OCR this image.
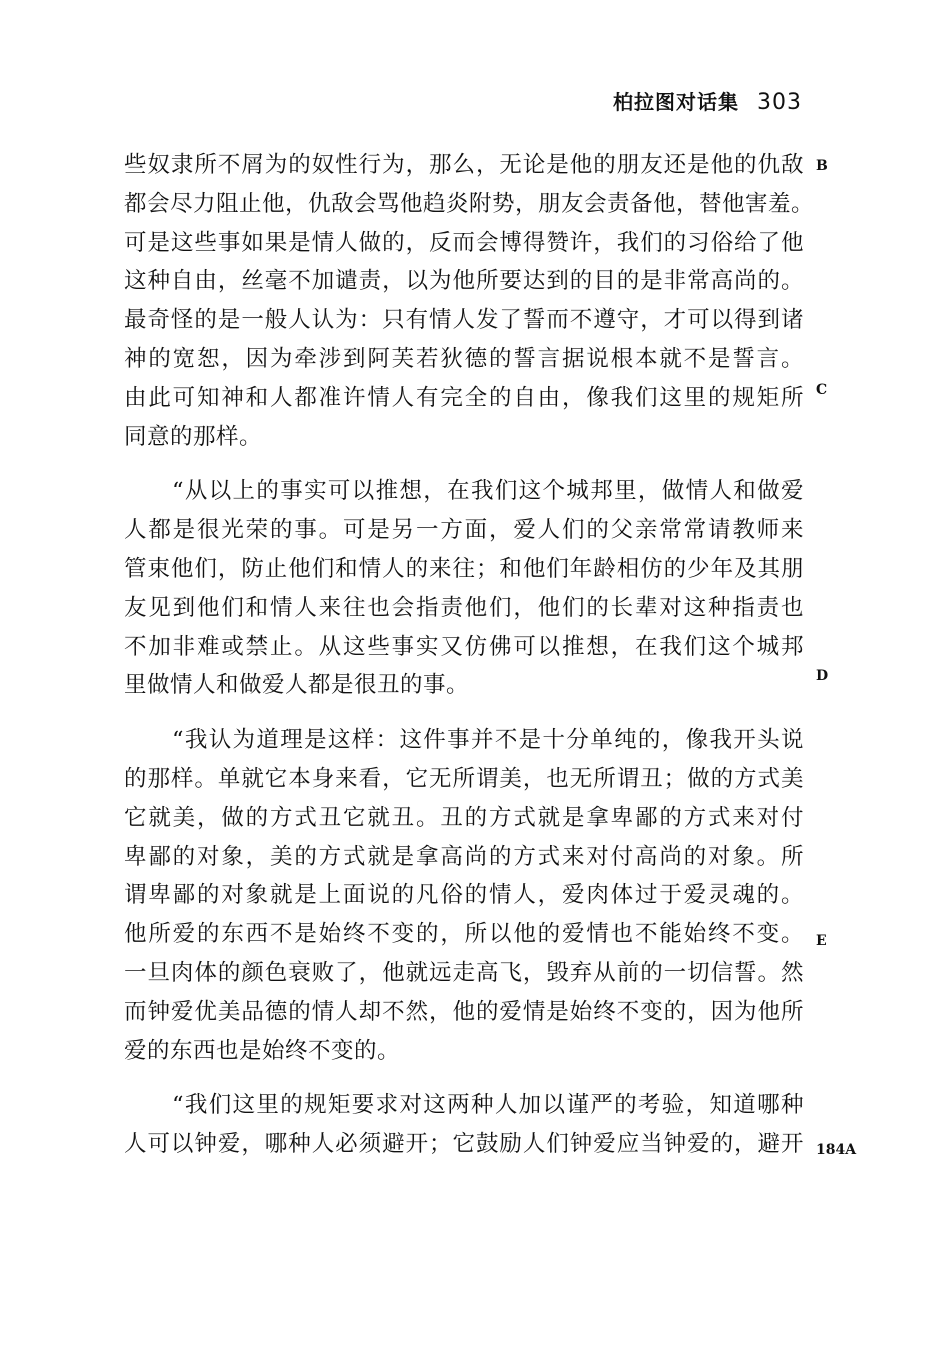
柏拉图对话集 303
些奴隶所不屑为的奴性行为，那么，无论是他的朋友还是他的仇敌
都会尽力阻止他，仇敌会骂他趋炎附势，朋友会责备他，替他害羞。
可是这些事如果是情人做的，反而会博得赞许，我们的习俗给了他
这种自由，丝毫不加谴责，以为他所要达到的目的是非常高尚的。
最奇怪的是一般人认为：只有情人发了誓而不遵守，才可以得到诸
神的宽恕，因为牵涉到阿芙若狄德的誓言据说根本就不是誓言。
由此可知神和人都准许情人有完全的自由，像我们这里的规矩所
同意的那样。
“从以上的事实可以推想，在我们这个城邦里，做情人和做爱
人都是很光荣的事。可是另一方面，爱人们的父亲常常请教师来
管束他们，防止他们和情人的来往；和他们年龄相仿的少年及其朋
友见到他们和情人来往也会指责他们，他们的长辈对这种指责也
不加非难或禁止。从这些事实又仿佛可以推想，在我们这个城邦
里做情人和做爱人都是很丑的事。
“我认为道理是这样：这件事并不是十分单纯的，像我开头说
的那样。单就它本身来看，它无所谓美，也无所谓丑；做的方式美
它就美，做的方式丑它就丑。丑的方式就是拿卑鄙的方式来对付
卑鄙的对象，美的方式就是拿高尚的方式来对付高尚的对象。所
谓卑鄙的对象就是上面说的凡俗的情人，爱肉体过于爱灵魂的。
他所爱的东西不是始终不变的，所以他的爱情也不能始终不变。
一旦肉体的颜色衰败了，他就远走高飞，毁弃从前的一切信誓。然
而钟爱优美品德的情人却不然，他的爱情是始终不变的，因为他所
爱的东西也是始终不变的。
“我们这里的规矩要求对这两种人加以谨严的考验，知道哪种
人可以钟爱，哪种人必须避开；它鼓励人们钟爱应当钟爱的，避开
B
C
D
E
184A
